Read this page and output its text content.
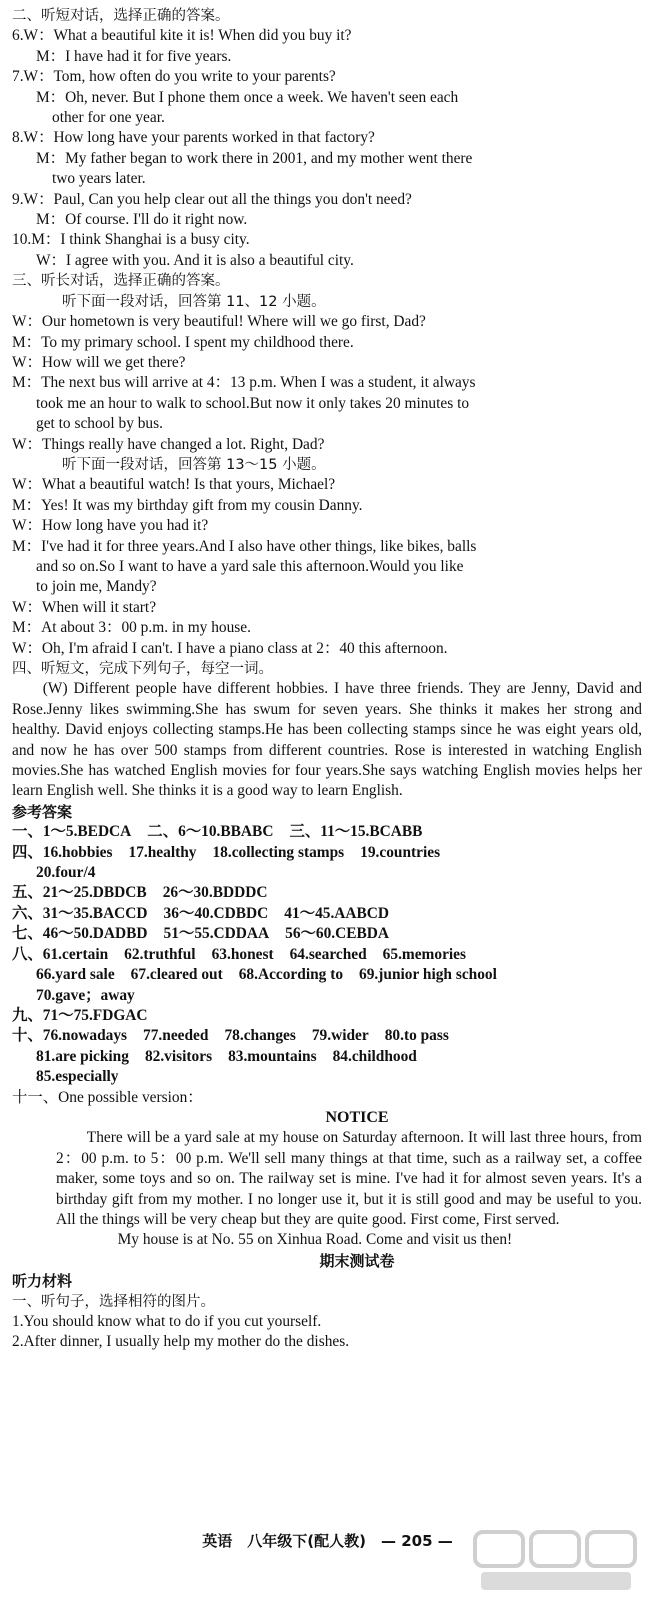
二、听短对话，选择正确的答案。
6.W：What a beautiful kite it is! When did you buy it?
M：I have had it for five years.
7.W：Tom, how often do you write to your parents?
M：Oh, never. But I phone them once a week. We haven't seen each
other for one year.
8.W：How long have your parents worked in that factory?
M：My father began to work there in 2001, and my mother went there
two years later.
9.W：Paul, Can you help clear out all the things you don't need?
M：Of course. I'll do it right now.
10.M：I think Shanghai is a busy city.
W：I agree with you. And it is also a beautiful city.
三、听长对话，选择正确的答案。
听下面一段对话，回答第 11、12 小题。
W：Our hometown is very beautiful! Where will we go first, Dad?
M：To my primary school. I spent my childhood there.
W：How will we get there?
M：The next bus will arrive at 4：13 p.m. When I was a student, it always
took me an hour to walk to school.But now it only takes 20 minutes to
get to school by bus.
W：Things really have changed a lot. Right, Dad?
听下面一段对话，回答第 13～15 小题。
W：What a beautiful watch! Is that yours, Michael?
M：Yes! It was my birthday gift from my cousin Danny.
W：How long have you had it?
M：I've had it for three years.And I also have other things, like bikes, balls
and so on.So I want to have a yard sale this afternoon.Would you like
to join me, Mandy?
W：When will it start?
M：At about 3：00 p.m. in my house.
W：Oh, I'm afraid I can't. I have a piano class at 2：40 this afternoon.
四、听短文，完成下列句子，每空一词。
(W) Different people have different hobbies. I have three friends. They are Jenny, David and Rose.Jenny likes swimming.She has swum for seven years. She thinks it makes her strong and healthy. David enjoys collecting stamps.He has been collecting stamps since he was eight years old, and now he has over 500 stamps from different countries. Rose is interested in watching English movies.She has watched English movies for four years.She says watching English movies helps her learn English well. She thinks it is a good way to learn English.
参考答案
一、1～5.BEDCA 二、6～10.BBABC 三、11～15.BCABB
四、16.hobbies 17.healthy 18.collecting stamps 19.countries
20.four/4
五、21～25.DBDCB 26～30.BDDDC
六、31～35.BACCD 36～40.CDBDC 41～45.AABCD
七、46～50.DADBD 51～55.CDDAA 56～60.CEBDA
八、61.certain 62.truthful 63.honest 64.searched 65.memories
66.yard sale 67.cleared out 68.According to 69.junior high school
70.gave；away
九、71～75.FDGAC
十、76.nowadays 77.needed 78.changes 79.wider 80.to pass
81.are picking 82.visitors 83.mountains 84.childhood
85.especially
十一、One possible version：
NOTICE
There will be a yard sale at my house on Saturday afternoon. It will last three hours, from 2：00 p.m. to 5：00 p.m. We'll sell many things at that time, such as a railway set, a coffee maker, some toys and so on. The railway set is mine. I've had it for almost seven years. It's a birthday gift from my mother. I no longer use it, but it is still good and may be useful to you. All the things will be very cheap but they are quite good. First come, First served.
My house is at No. 55 on Xinhua Road. Come and visit us then!
期末测试卷
听力材料
一、听句子，选择相符的图片。
1.You should know what to do if you cut yourself.
2.After dinner, I usually help my mother do the dishes.
英语　八年级下(配人教)　— 205 —
